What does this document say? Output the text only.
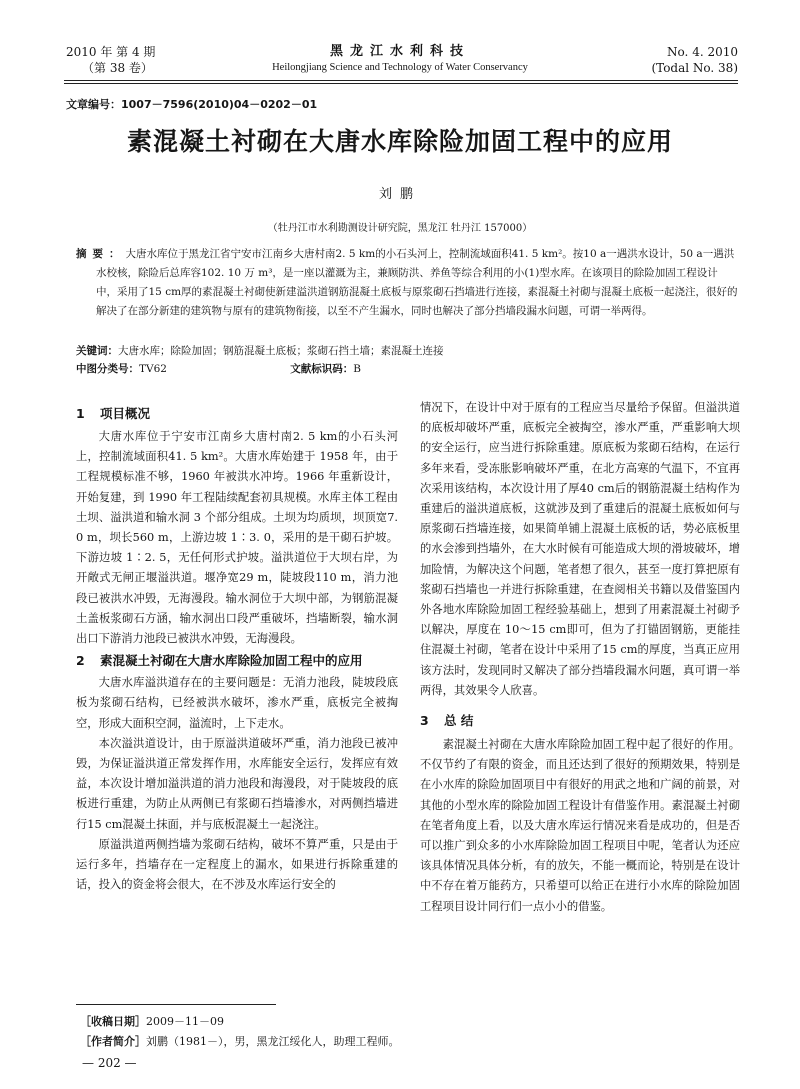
2010 年 第 4 期
（第 38 卷）
黑龙江水利科技
Heilongjiang Science and Technology of Water Conservancy
No. 4. 2010
(Todal No. 38)
文章编号：1007－7596(2010)04－0202－01
素混凝土衬砌在大唐水库除险加固工程中的应用
刘鹏
（牡丹江市水利勘测设计研究院，黑龙江 牡丹江 157000）
摘要：大唐水库位于黑龙江省宁安市江南乡大唐村南2. 5 km的小石头河上，控制流域面积41. 5 km²。按10 a一遇洪水设计，50 a一遇洪水校核，除险后总库容102. 10 万 m³，是一座以灌溉为主，兼顾防洪、养鱼等综合利用的小(1)型水库。在该项目的除险加固工程设计中，采用了15 cm厚的素混凝土衬砌使新建溢洪道钢筋混凝土底板与原浆砌石挡墙进行连接，素混凝土衬砌与混凝土底板一起浇注，很好的解决了在部分新建的建筑物与原有的建筑物衔接，以至不产生漏水，同时也解决了部分挡墙段漏水问题，可谓一举两得。
关键词：大唐水库；除险加固；钢筋混凝土底板；浆砌石挡土墙；素混凝土连接
中图分类号：TV62	文献标识码：B
1 项目概况

大唐水库位于宁安市江南乡大唐村南2. 5 km的小石头河上，控制流域面积41. 5 km²。大唐水库始建于 1958 年，由于工程规模标准不够，1960 年被洪水冲垮。1966 年重新设计，开始复建，到 1990 年工程陆续配套初具规模。水库主体工程由土坝、溢洪道和输水洞 3 个部分组成。土坝为均质坝，坝顶宽7. 0 m，坝长560 m，上游边坡 1∶3. 0，采用的是干砌石护坡。下游边坡 1∶2. 5，无任何形式护坡。溢洪道位于大坝右岸，为开敞式无闸正堰溢洪道。堰净宽29 m，陡坡段110 m，消力池段已被洪水冲毁，无海漫段。输水洞位于大坝中部，为钢筋混凝土盖板浆砌石方涵，输水洞出口段严重破坏，挡墙断裂，输水洞出口下游消力池段已被洪水冲毁，无海漫段。

2 素混凝土衬砌在大唐水库除险加固工程中的应用

大唐水库溢洪道存在的主要问题是：无消力池段，陡坡段底板为浆砌石结构，已经被洪水破坏，渗水严重，底板完全被掏空，形成大面积空洞，溢流时，上下走水。

本次溢洪道设计，由于原溢洪道破坏严重，消力池段已被冲毁，为保证溢洪道正常发挥作用，水库能安全运行，发挥应有效益，本次设计增加溢洪道的消力池段和海漫段，对于陡坡段的底板进行重建，为防止从两侧已有浆砌石挡墙渗水，对两侧挡墙进行15 cm混凝土抹面，并与底板混凝土一起浇注。

原溢洪道两侧挡墙为浆砌石结构，破坏不算严重，只是由于运行多年，挡墙存在一定程度上的漏水，如果进行拆除重建的话，投入的资金将会很大，在不涉及水库运行安全的

情况下，在设计中对于原有的工程应当尽量给予保留。但溢洪道的底板却破坏严重，底板完全被掏空，渗水严重，严重影响大坝的安全运行，应当进行拆除重建。原底板为浆砌石结构，在运行多年来看，受冻胀影响破坏严重，在北方高寒的气温下，不宜再次采用该结构，本次设计用了厚40 cm后的钢筋混凝土结构作为重建后的溢洪道底板，这就涉及到了重建后的混凝土底板如何与原浆砌石挡墙连接，如果简单铺上混凝土底板的话，势必底板里的水会渗到挡墙外，在大水时候有可能造成大坝的滑坡破坏，增加险情，为解决这个问题，笔者想了很久，甚至一度打算把原有浆砌石挡墙也一并进行拆除重建，在查阅相关书籍以及借鉴国内外各地水库除险加固工程经验基础上，想到了用素混凝土衬砌予以解决，厚度在 10～15 cm即可，但为了打锚固钢筋，更能挂住混凝土衬砌，笔者在设计中采用了15 cm的厚度，当真正应用该方法时，发现同时又解决了部分挡墙段漏水问题，真可谓一举两得，其效果令人欣喜。

3 总 结

素混凝土衬砌在大唐水库除险加固工程中起了很好的作用。不仅节约了有限的资金，而且还达到了很好的预期效果，特别是在小水库的除险加固项目中有很好的用武之地和广阔的前景，对其他的小型水库的除险加固工程设计有借鉴作用。素混凝土衬砌在笔者角度上看，以及大唐水库运行情况来看是成功的，但是否可以推广到众多的小水库除险加固工程项目中呢，笔者认为还应该具体情况具体分析，有的放矢，不能一概而论，特别是在设计中不存在着万能药方，只希望可以给正在进行小水库的除险加固工程项目设计同行们一点小小的借鉴。

［收稿日期］2009－11－09
［作者简介］刘鹏（1981－），男，黑龙江绥化人，助理工程师。
— 202 —
